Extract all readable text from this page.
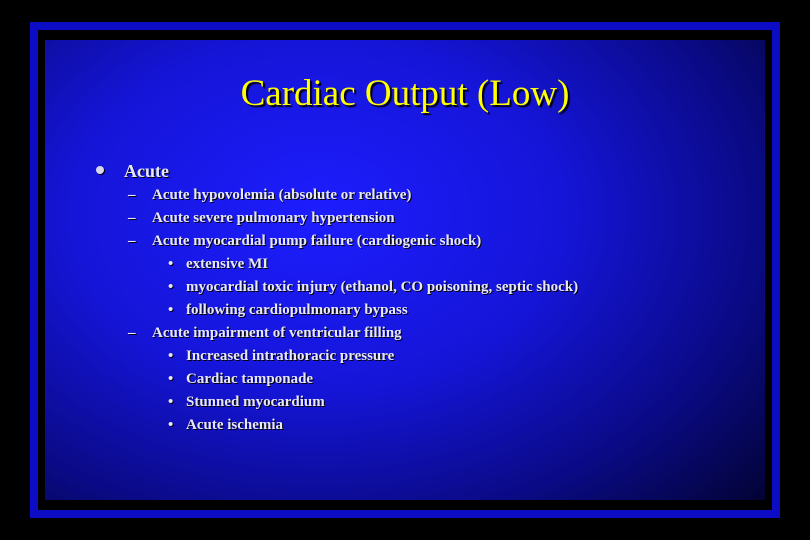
Cardiac Output (Low)
Acute
– Acute hypovolemia (absolute or relative)
– Acute severe pulmonary hypertension
– Acute myocardial pump failure (cardiogenic shock)
• extensive MI
• myocardial toxic injury (ethanol, CO poisoning, septic shock)
• following cardiopulmonary bypass
– Acute impairment of ventricular filling
• Increased intrathoracic pressure
• Cardiac tamponade
• Stunned myocardium
• Acute ischemia
